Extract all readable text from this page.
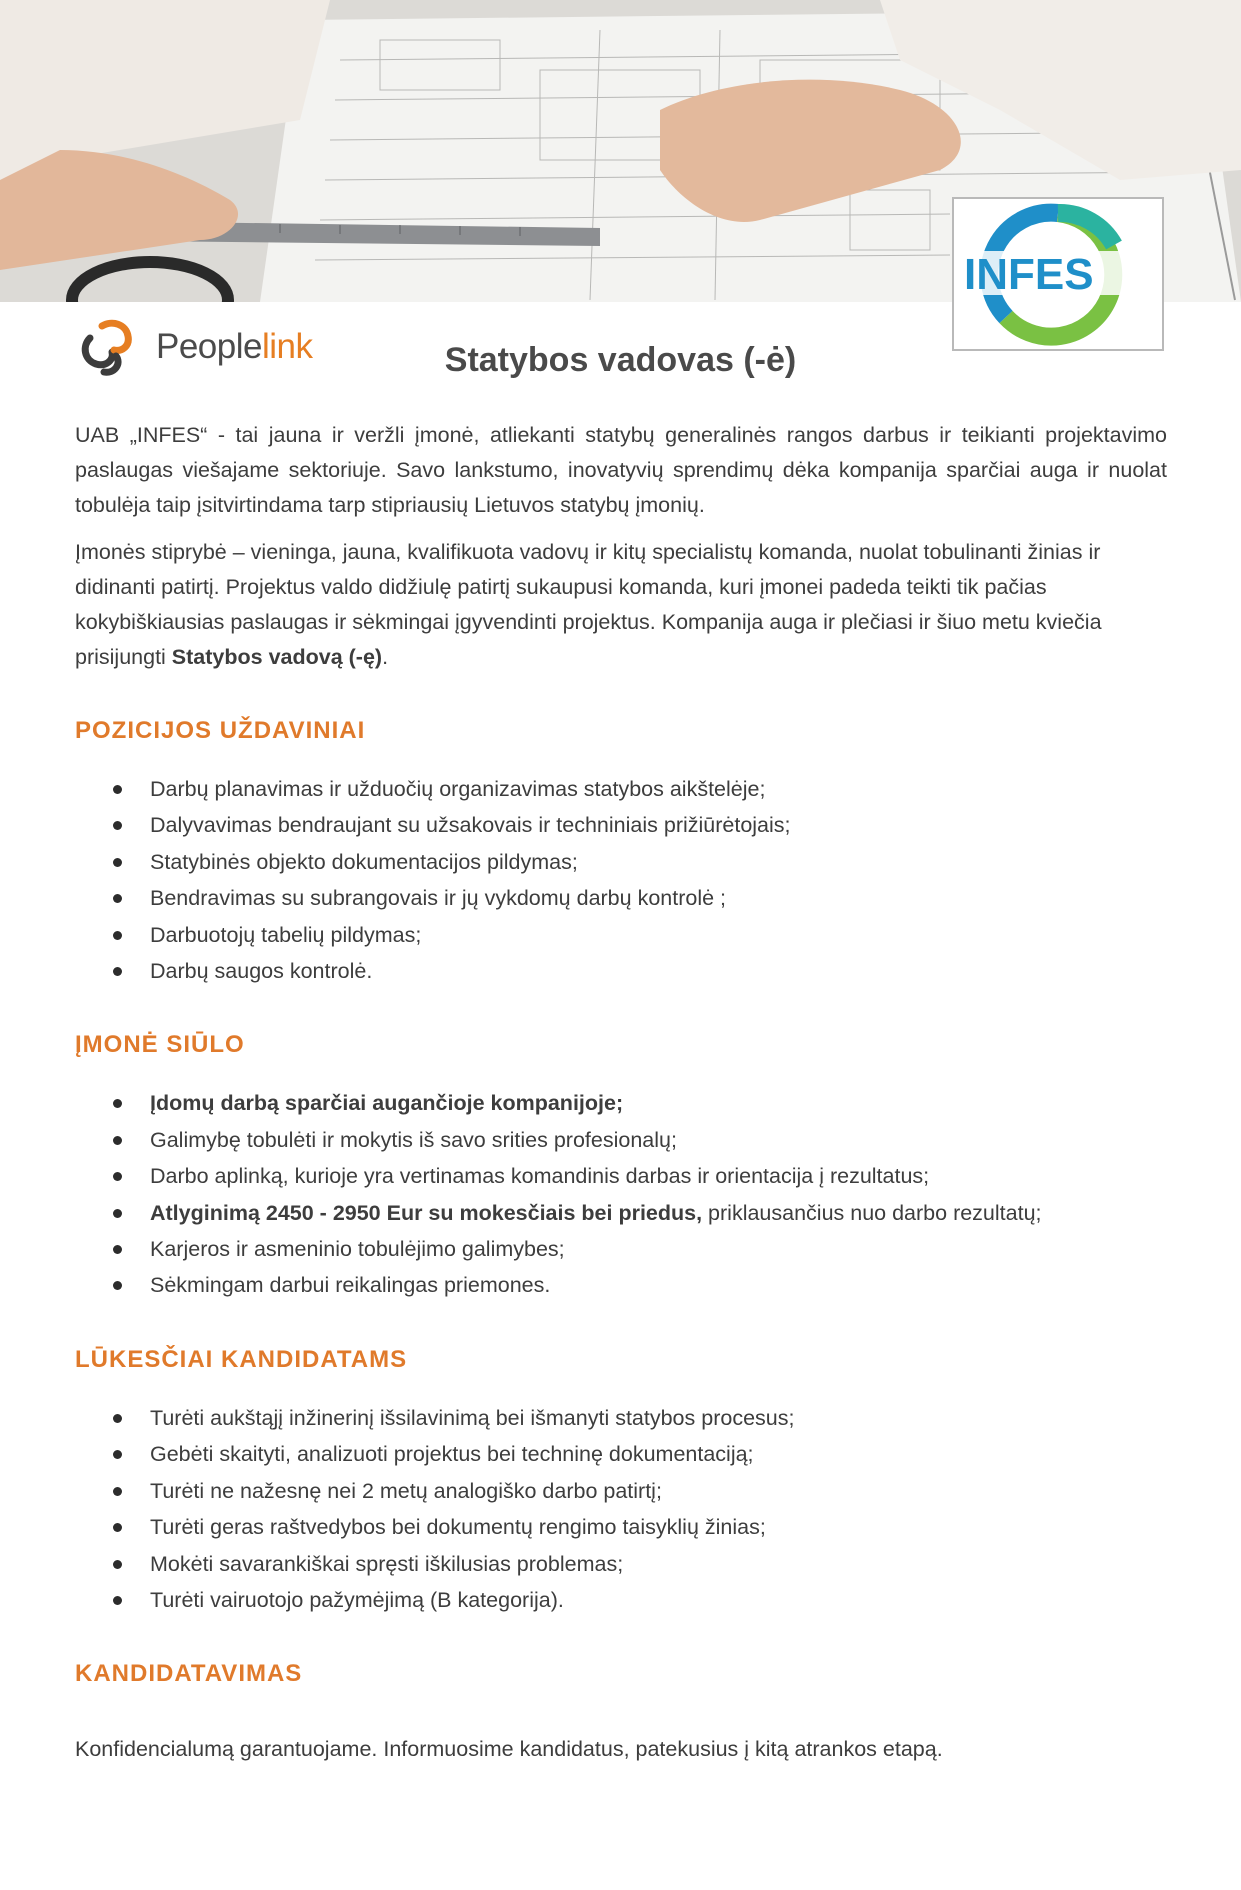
INFES
Peoplelink	Statybos vadovas (-ė)

UAB „INFES“ - tai jauna ir veržli įmonė, atliekanti statybų generalinės rangos darbus ir teikianti projektavimo paslaugas viešajame sektoriuje. Savo lankstumo, inovatyvių sprendimų dėka kompanija sparčiai auga ir nuolat tobulėja taip įsitvirtindama tarp stipriausių Lietuvos statybų įmonių.

Įmonės stiprybė – vieninga, jauna, kvalifikuota vadovų ir kitų specialistų komanda, nuolat tobulinanti žinias ir didinanti patirtį. Projektus valdo didžiulę patirtį sukaupusi komanda, kuri įmonei padeda teikti tik pačias kokybiškiausias paslaugas ir sėkmingai įgyvendinti projektus. Kompanija auga ir plečiasi ir šiuo metu kviečia prisijungti Statybos vadovą (-ę).

POZICIJOS UŽDAVINIAI
Darbų planavimas ir užduočių organizavimas statybos aikštelėje;
Dalyvavimas bendraujant su užsakovais ir techniniais prižiūrėtojais;
Statybinės objekto dokumentacijos pildymas;
Bendravimas su subrangovais ir jų vykdomų darbų kontrolė ;
Darbuotojų tabelių pildymas;
Darbų saugos kontrolė.
ĮMONĖ SIŪLO
Įdomų darbą sparčiai augančioje kompanijoje;
Galimybę tobulėti ir mokytis iš savo srities profesionalų;
Darbo aplinką, kurioje yra vertinamas komandinis darbas ir orientacija į rezultatus;
Atlyginimą 2450 - 2950 Eur su mokesčiais bei priedus, priklausančius nuo darbo rezultatų;
Karjeros ir asmeninio tobulėjimo galimybes;
Sėkmingam darbui reikalingas priemones.
LŪKESČIAI KANDIDATAMS
Turėti aukštąjį inžinerinį išsilavinimą bei išmanyti statybos procesus;
Gebėti skaityti, analizuoti projektus bei techninę dokumentaciją;
Turėti ne nažesnę nei 2 metų analogiško darbo patirtį;
Turėti geras raštvedybos bei dokumentų rengimo taisyklių žinias;
Mokėti savarankiškai spręsti iškilusias problemas;
Turėti vairuotojo pažymėjimą (B kategorija).
KANDIDATAVIMAS
Konfidencialumą garantuojame. Informuosime kandidatus, patekusius į kitą atrankos etapą.
